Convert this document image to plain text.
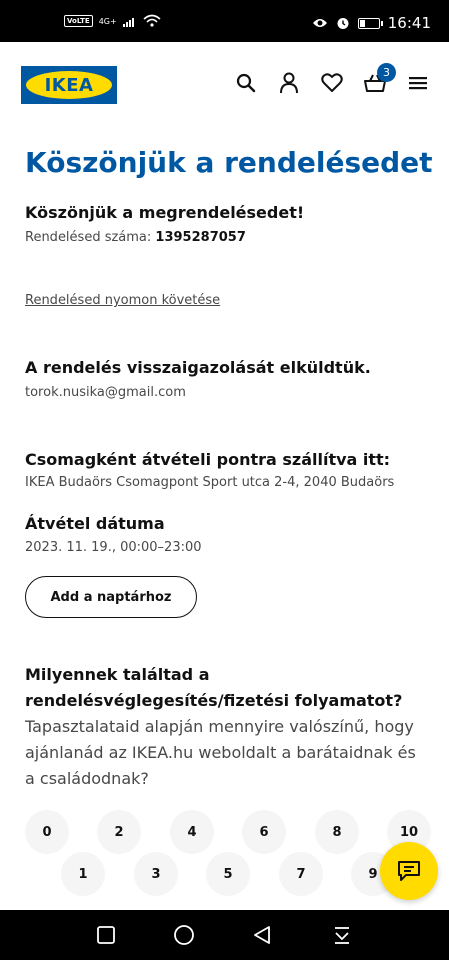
VoLTE	4G+	16:41
IKEA
3
Köszönjük a rendelésedet
Köszönjük a megrendelésedet!
Rendelésed száma: 1395287057
Rendelésed nyomon követése
A rendelés visszaigazolását elküldtük.
torok.nusika@gmail.com
Csomagként átvételi pontra szállítva itt:
IKEA Budaörs Csomagpont Sport utca 2-4, 2040 Budaörs
Átvétel dátuma
2023. 11. 19., 00:00–23:00
Add a naptárhoz
Milyennek találtad a
rendelésvéglegesítés/fizetési folyamatot?
Tapasztalataid alapján mennyire valószínű, hogy
ajánlanád az IKEA.hu weboldalt a barátaidnak és
a családodnak?
0	2	4	6	8	10
1	3	5	7	9
